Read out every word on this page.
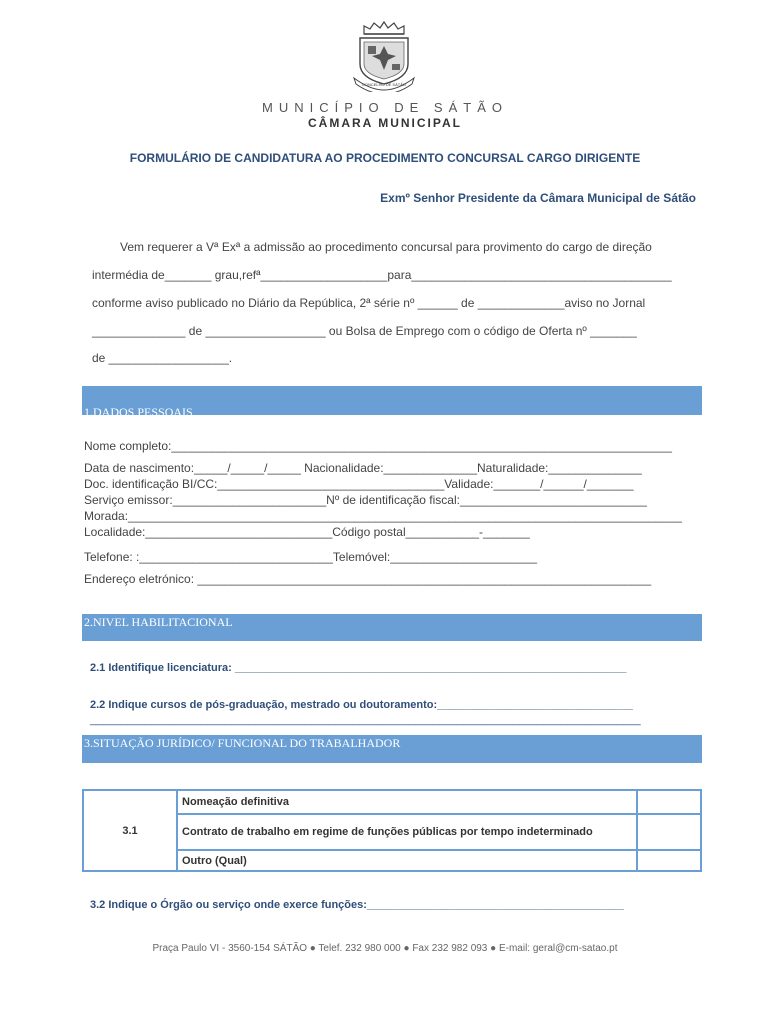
CONCELHO DE SÁTÃO
MUNICÍPIO DE SÁTÃO
CÂMARA MUNICIPAL
FORMULÁRIO DE CANDIDATURA AO PROCEDIMENTO CONCURSAL CARGO DIRIGENTE
Exmº Senhor Presidente da Câmara Municipal de Sátão
Vem requerer a Vª Exª a admissão ao procedimento concursal para provimento do cargo de direção
intermédia de_______ grau,refª___________________para_______________________________________
conforme aviso publicado no Diário da República, 2ª série nº ______ de _____________aviso no Jornal
______________ de __________________ ou Bolsa de Emprego com o código de Oferta nº _______
de __________________.
1.DADOS PESSOAIS
Nome completo:___________________________________________________________________________
Data de nascimento:_____/_____/_____ Nacionalidade:______________Naturalidade:______________
Doc. identificação BI/CC:__________________________________Validade:_______/______/_______
Serviço emissor:_______________________Nº de identificação fiscal:____________________________
Morada:___________________________________________________________________________________
Localidade:____________________________Código postal___________-_______
Telefone: :_____________________________Telemóvel:______________________
Endereço eletrónico: ____________________________________________________________________
2.NIVEL HABILITACIONAL
2.1 Identifique licenciatura: ________________________________________________________________
2.2 Indique cursos de pós-graduação, mestrado ou doutoramento:________________________________
__________________________________________________________________________________________
3.SITUAÇÃO JURÍDICO/ FUNCIONAL DO TRABALHADOR
3.1	Nomeação definitiva	
	Contrato de trabalho em regime de funções públicas por tempo indeterminado	
	Outro (Qual)	
3.2 Indique o Órgão ou serviço onde exerce funções:__________________________________________
Praça Paulo VI - 3560-154 SÁTÃO ● Telef. 232 980 000 ● Fax 232 982 093 ● E-mail: geral@cm-satao.pt
